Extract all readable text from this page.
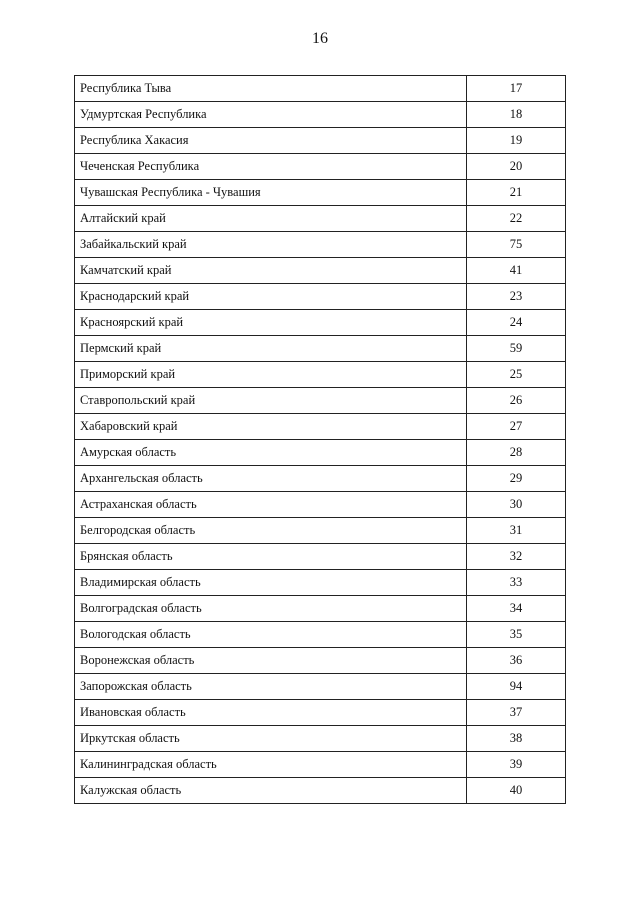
16
Республика Тыва	17
Удмуртская Республика	18
Республика Хакасия	19
Чеченская Республика	20
Чувашская Республика - Чувашия	21
Алтайский край	22
Забайкальский край	75
Камчатский край	41
Краснодарский край	23
Красноярский край	24
Пермский край	59
Приморский край	25
Ставропольский край	26
Хабаровский край	27
Амурская область	28
Архангельская область	29
Астраханская область	30
Белгородская область	31
Брянская область	32
Владимирская область	33
Волгоградская область	34
Вологодская область	35
Воронежская область	36
Запорожская область	94
Ивановская область	37
Иркутская область	38
Калининградская область	39
Калужская область	40
